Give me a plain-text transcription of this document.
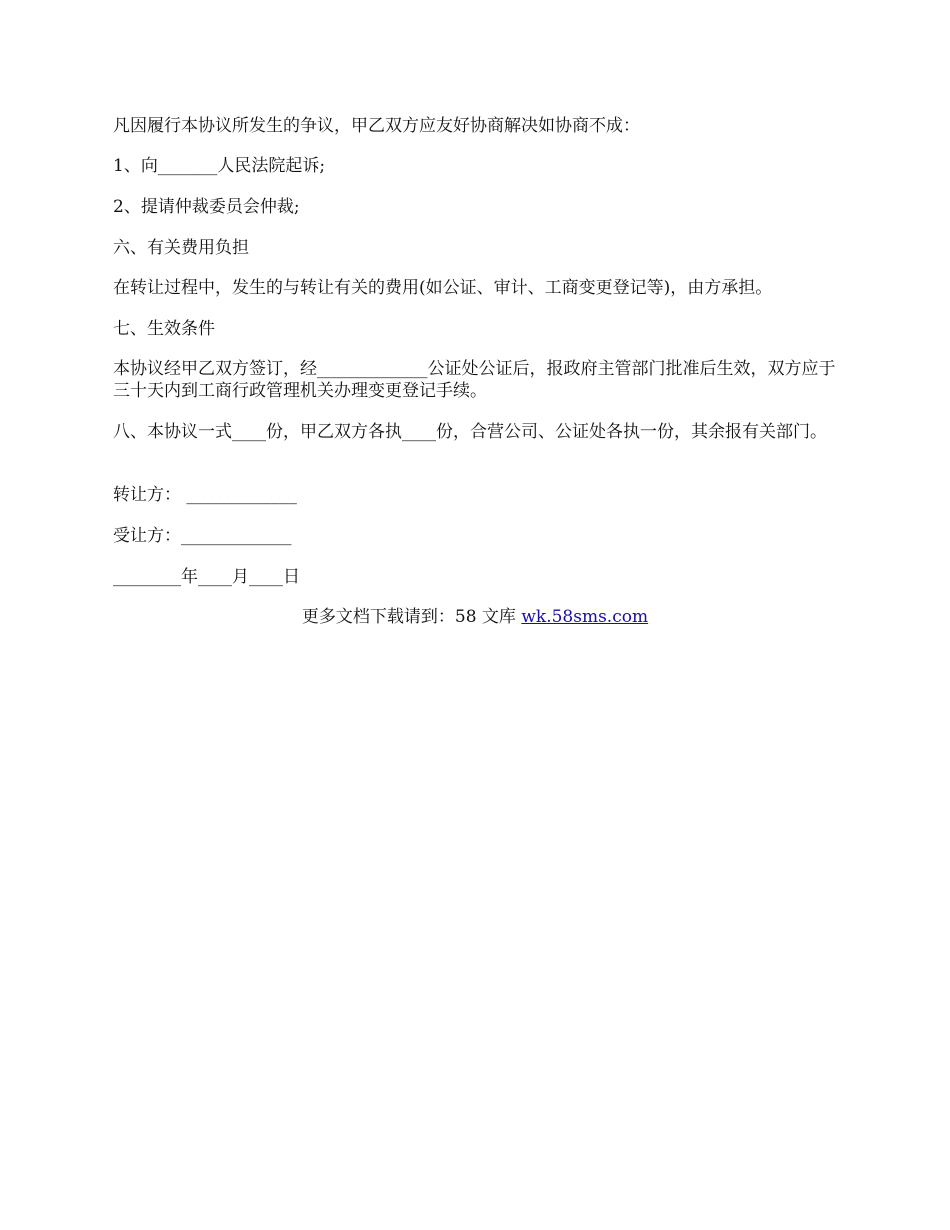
凡因履行本协议所发生的争议，甲乙双方应友好协商解决如协商不成：

1、向_______人民法院起诉;

2、提请仲裁委员会仲裁;

六、有关费用负担

在转让过程中，发生的与转让有关的费用(如公证、审计、工商变更登记等)，由方承担。

七、生效条件

本协议经甲乙双方签订，经_____________公证处公证后，报政府主管部门批准后生效，双方应于三十天内到工商行政管理机关办理变更登记手续。

八、本协议一式____份，甲乙双方各执____份，合营公司、公证处各执一份，其余报有关部门。

转让方： _____________

受让方：_____________

________年____月____日

更多文档下载请到：58 文库 wk.58sms.com
